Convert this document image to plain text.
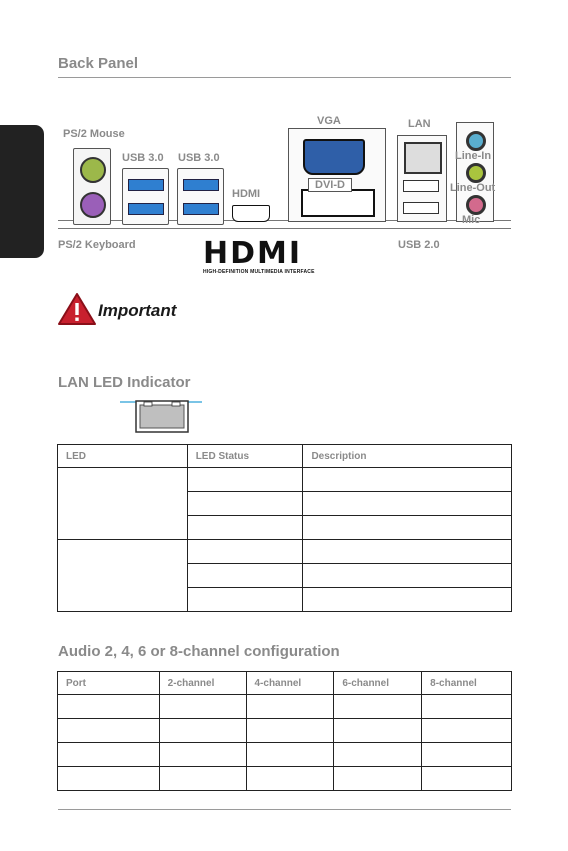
Back Panel
PS/2 Mouse
USB 3.0 USB 3.0
HDMI
VGA
DVI-D
LAN
Line-In
Line-Out
Mic
PS/2 Keyboard	USB 2.0
HDMI
HIGH-DEFINITION MULTIMEDIA INTERFACE
Important
LAN LED Indicator
LED	LED Status	Description

Audio 2, 4, 6 or 8-channel configuration
Port	2-channel	4-channel	6-channel	8-channel
